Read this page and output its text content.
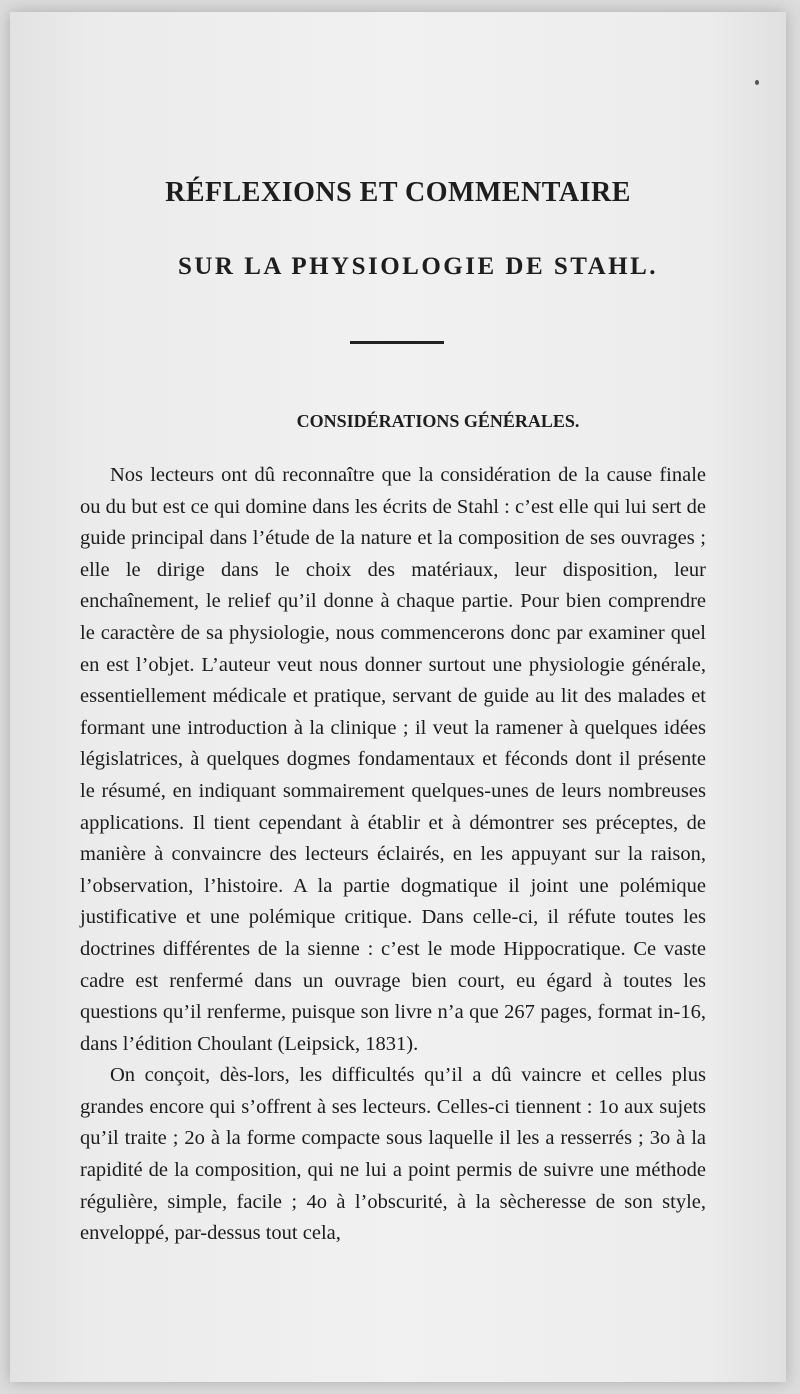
RÉFLEXIONS ET COMMENTAIRE
SUR LA PHYSIOLOGIE DE STAHL.
CONSIDÉRATIONS GÉNÉRALES.

Nos lecteurs ont dû reconnaître que la considération de la cause finale ou du but est ce qui domine dans les écrits de Stahl : c’est elle qui lui sert de guide principal dans l’étude de la nature et la composition de ses ouvrages ; elle le dirige dans le choix des matériaux, leur disposition, leur enchaînement, le relief qu’il donne à chaque partie. Pour bien comprendre le caractère de sa physiologie, nous commencerons donc par examiner quel en est l’objet. L’auteur veut nous donner surtout une physiologie générale, essentiellement médicale et pratique, servant de guide au lit des malades et formant une introduction à la clinique ; il veut la ramener à quelques idées législatrices, à quelques dogmes fondamentaux et féconds dont il présente le résumé, en indiquant sommairement quelques-unes de leurs nombreuses applications. Il tient cependant à établir et à démontrer ses préceptes, de manière à convaincre des lecteurs éclairés, en les appuyant sur la raison, l’observation, l’histoire. A la partie dogmatique il joint une polémique justificative et une polémique critique. Dans celle-ci, il réfute toutes les doctrines différentes de la sienne : c’est le mode Hippocratique. Ce vaste cadre est renfermé dans un ouvrage bien court, eu égard à toutes les questions qu’il renferme, puisque son livre n’a que 267 pages, format in-16, dans l’édition Choulant (Leipsick, 1831).

On conçoit, dès-lors, les difficultés qu’il a dû vaincre et celles plus grandes encore qui s’offrent à ses lecteurs. Celles-ci tiennent : 1o aux sujets qu’il traite ; 2o à la forme compacte sous laquelle il les a resserrés ; 3o à la rapidité de la composition, qui ne lui a point permis de suivre une méthode régulière, simple, facile ; 4o à l’obscurité, à la sècheresse de son style, enveloppé, par-dessus tout cela,
